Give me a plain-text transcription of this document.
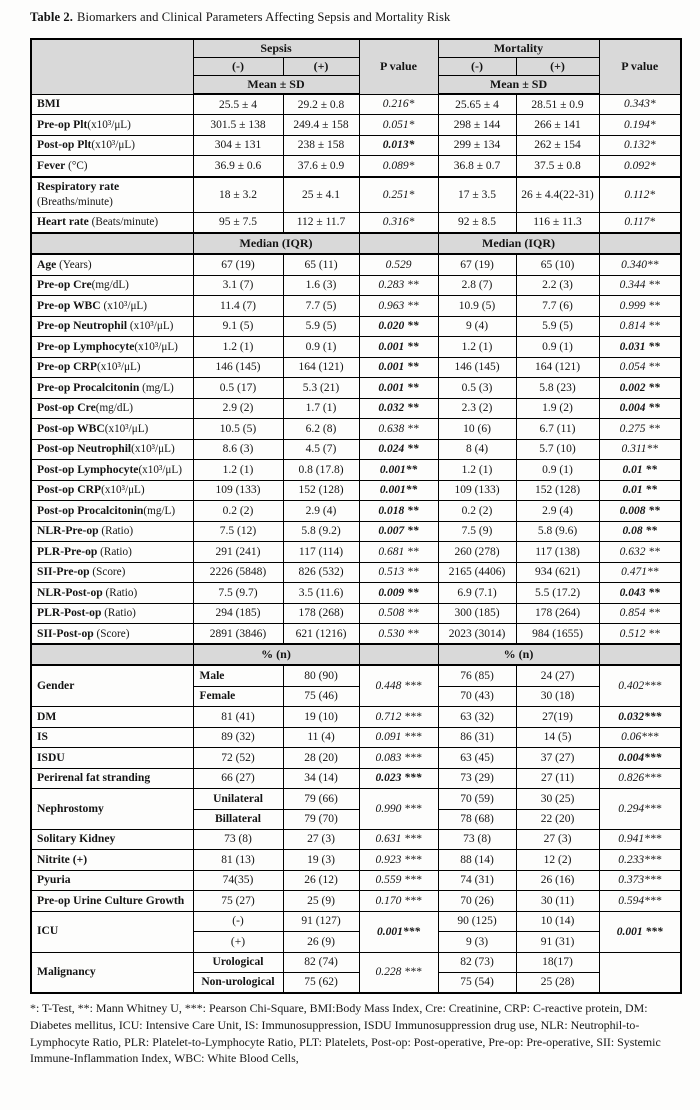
Table 2. Biomarkers and Clinical Parameters Affecting Sepsis and Mortality Risk
	Sepsis		P value	Mortality		P value
	(-)	(+)		(-)	(+)	
	Mean ± SD			Mean ± SD		
BMI	25.5 ± 4	29.2 ± 0.8	0.216*	25.65 ± 4	28.51 ± 0.9	0.343*
Pre-op Plt(x10³/μL)	301.5 ± 138	249.4 ± 158	0.051*	298 ± 144	266 ± 141	0.194*
Post-op Plt(x10³/μL)	304 ± 131	238 ± 158	0.013*	299 ± 134	262 ± 154	0.132*
Fever (°C)	36.9 ± 0.6	37.6 ± 0.9	0.089*	36.8 ± 0.7	37.5 ± 0.8	0.092*
Respiratory rate (Breaths/minute)	18 ± 3.2	25 ± 4.1	0.251*	17 ± 3.5	26 ± 4.4(22-31)	0.112*
Heart rate (Beats/minute)	95 ± 7.5	112 ± 11.7	0.316*	92 ± 8.5	116 ± 11.3	0.117*
	Median (IQR)			Median (IQR)		
Age (Years)	67 (19)	65 (11)	0.529	67 (19)	65 (10)	0.340**
Pre-op Cre(mg/dL)	3.1 (7)	1.6 (3)	0.283 **	2.8 (7)	2.2 (3)	0.344 **
Pre-op WBC (x10³/μL)	11.4 (7)	7.7 (5)	0.963 **	10.9 (5)	7.7 (6)	0.999 **
Pre-op Neutrophil (x10³/μL)	9.1 (5)	5.9 (5)	0.020 **	9 (4)	5.9 (5)	0.814 **
Pre-op Lymphocyte(x10³/μL)	1.2 (1)	0.9 (1)	0.001 **	1.2 (1)	0.9 (1)	0.031 **
Pre-op CRP(x10³/μL)	146 (145)	164 (121)	0.001 **	146 (145)	164 (121)	0.054 **
Pre-op Procalcitonin (mg/L)	0.5 (17)	5.3 (21)	0.001 **	0.5 (3)	5.8 (23)	0.002 **
Post-op Cre(mg/dL)	2.9 (2)	1.7 (1)	0.032 **	2.3 (2)	1.9 (2)	0.004 **
Post-op WBC(x10³/μL)	10.5 (5)	6.2 (8)	0.638 **	10 (6)	6.7 (11)	0.275 **
Post-op Neutrophil(x10³/μL)	8.6 (3)	4.5 (7)	0.024 **	8 (4)	5.7 (10)	0.311**
Post-op Lymphocyte(x10³/μL)	1.2 (1)	0.8 (17.8)	0.001**	1.2 (1)	0.9 (1)	0.01 **
Post-op CRP(x10³/μL)	109 (133)	152 (128)	0.001**	109 (133)	152 (128)	0.01 **
Post-op Procalcitonin(mg/L)	0.2 (2)	2.9 (4)	0.018 **	0.2 (2)	2.9 (4)	0.008 **
NLR-Pre-op (Ratio)	7.5 (12)	5.8 (9.2)	0.007 **	7.5 (9)	5.8 (9.6)	0.08 **
PLR-Pre-op (Ratio)	291 (241)	117 (114)	0.681 **	260 (278)	117 (138)	0.632 **
SII-Pre-op (Score)	2226 (5848)	826 (532)	0.513 **	2165 (4406)	934 (621)	0.471**
NLR-Post-op (Ratio)	7.5 (9.7)	3.5 (11.6)	0.009 **	6.9 (7.1)	5.5 (17.2)	0.043 **
PLR-Post-op (Ratio)	294 (185)	178 (268)	0.508 **	300 (185)	178 (264)	0.854 **
SII-Post-op (Score)	2891 (3846)	621 (1216)	0.530 **	2023 (3014)	984 (1655)	0.512 **
	% (n)			% (n)		
Gender	Male	80 (90)	0.448 ***	76 (85)	24 (27)	0.402***
	Female	75 (46)		70 (43)	30 (18)	
DM	81 (41)	19 (10)	0.712 ***	63 (32)	27(19)	0.032***
IS	89 (32)	11 (4)	0.091 ***	86 (31)	14 (5)	0.06***
ISDU	72 (52)	28 (20)	0.083 ***	63 (45)	37 (27)	0.004***
Perirenal fat stranding	66 (27)	34 (14)	0.023 ***	73 (29)	27 (11)	0.826***
Nephrostomy	Unilateral	79 (66)	0.990 ***	70 (59)	30 (25)	0.294***
	Billateral	79 (70)		78 (68)	22 (20)	
Solitary Kidney	73 (8)	27 (3)	0.631 ***	73 (8)	27 (3)	0.941***
Nitrite (+)	81 (13)	19 (3)	0.923 ***	88 (14)	12 (2)	0.233***
Pyuria	74(35)	26 (12)	0.559 ***	74 (31)	26 (16)	0.373***
Pre-op Urine Culture Growth	75 (27)	25 (9)	0.170 ***	70 (26)	30 (11)	0.594***
ICU	(-)	91 (127)	0.001***	90 (125)	10 (14)	0.001 ***
	(+)	26 (9)		9 (3)	91 (31)	
Malignancy	Urological	82 (74)	0.228 ***	82 (73)	18(17)	
	Non-urological	75 (62)		75 (54)	25 (28)	
*: T-Test, **: Mann Whitney U, ***: Pearson Chi-Square, BMI:Body Mass Index, Cre: Creatinine, CRP: C-reactive protein, DM: Diabetes mellitus, ICU: Intensive Care Unit, IS: Immunosuppression, ISDU Immunosuppression drug use, NLR: Neutrophil-to-Lymphocyte Ratio, PLR: Platelet-to-Lymphocyte Ratio, PLT: Platelets, Post-op: Post-operative, Pre-op: Pre-operative, SII: Systemic Immune-Inflammation Index, WBC: White Blood Cells,
